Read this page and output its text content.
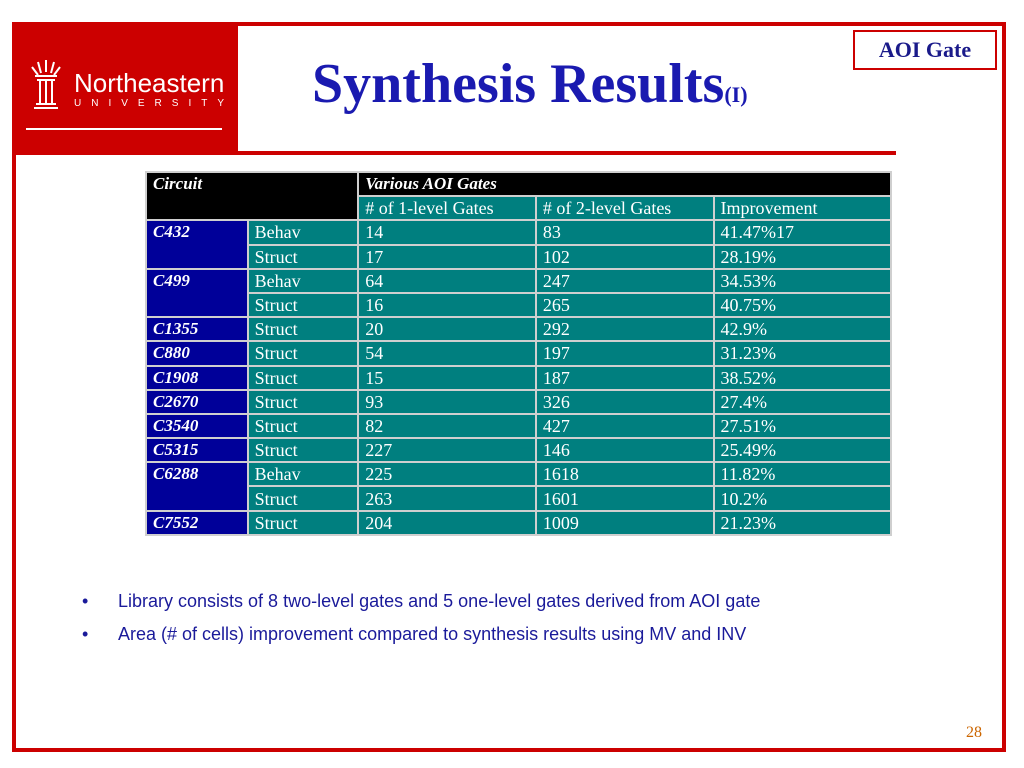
Northeastern
UNIVERSITY Synthesis Results(I)
AOI Gate
Circuit		Various AOI Gates		
		# of 1-level Gates	# of 2-level Gates	Improvement
C432	Behav	14	83	41.47%17
	Struct	17	102	28.19%
C499	Behav	64	247	34.53%
	Struct	16	265	40.75%
C1355	Struct	20	292	42.9%
C880	Struct	54	197	31.23%
C1908	Struct	15	187	38.52%
C2670	Struct	93	326	27.4%
C3540	Struct	82	427	27.51%
C5315	Struct	227	146	25.49%
C6288	Behav	225	1618	11.82%
	Struct	263	1601	10.2%
C7552	Struct	204	1009	21.23%
• Library consists of 8 two-level gates and 5 one-level gates derived from AOI gate
• Area (# of cells) improvement compared to synthesis results using MV and INV
28
